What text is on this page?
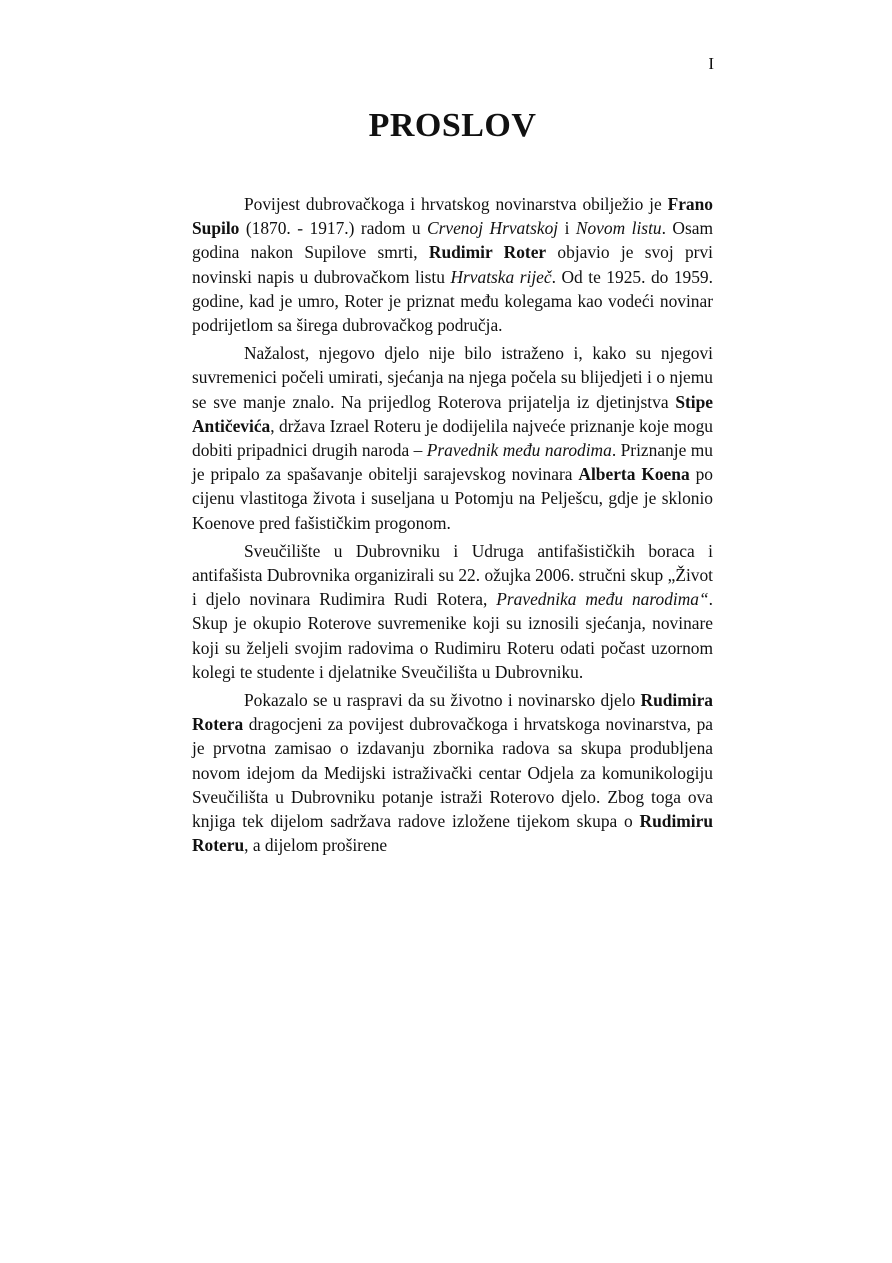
I
PROSLOV

Povijest dubrovačkoga i hrvatskog novinarstva obilježio je Frano Supilo (1870. - 1917.) radom u Crvenoj Hrvatskoj i Novom listu. Osam godina nakon Supilove smrti, Rudimir Roter objavio je svoj prvi novinski napis u dubrovačkom listu Hrvatska riječ. Od te 1925. do 1959. godine, kad je umro, Roter je priznat među kolegama kao vodeći novinar podrijetlom sa širega dubrovačkog područja.

Nažalost, njegovo djelo nije bilo istraženo i, kako su njegovi suvremenici počeli umirati, sjećanja na njega počela su blijedjeti i o njemu se sve manje znalo. Na prijedlog Roterova prijatelja iz djetinjstva Stipe Antičevića, država Izrael Roteru je dodijelila najveće priznanje koje mogu dobiti pripadnici drugih naroda – Pravednik među narodima. Priznanje mu je pripalo za spašavanje obitelji sarajevskog novinara Alberta Koena po cijenu vlastitoga života i suseljana u Potomju na Pelješcu, gdje je sklonio Koenove pred fašističkim progonom.

Sveučilište u Dubrovniku i Udruga antifašističkih boraca i antifašista Dubrovnika organizirali su 22. ožujka 2006. stručni skup „Život i djelo novinara Rudimira Rudi Rotera, Pravednika među narodima“. Skup je okupio Roterove suvremenike koji su iznosili sjećanja, novinare koji su željeli svojim radovima o Rudimiru Roteru odati počast uzornom kolegi te studente i djelatnike Sveučilišta u Dubrovniku.

Pokazalo se u raspravi da su životno i novinarsko djelo Rudimira Rotera dragocjeni za povijest dubrovačkoga i hrvatskoga novinarstva, pa je prvotna zamisao o izdavanju zbornika radova sa skupa produbljena novom idejom da Medijski istraživački centar Odjela za komunikologiju Sveučilišta u Dubrovniku potanje istraži Roterovo djelo. Zbog toga ova knjiga tek dijelom sadržava radove izložene tijekom skupa o Rudimiru Roteru, a dijelom proširene
